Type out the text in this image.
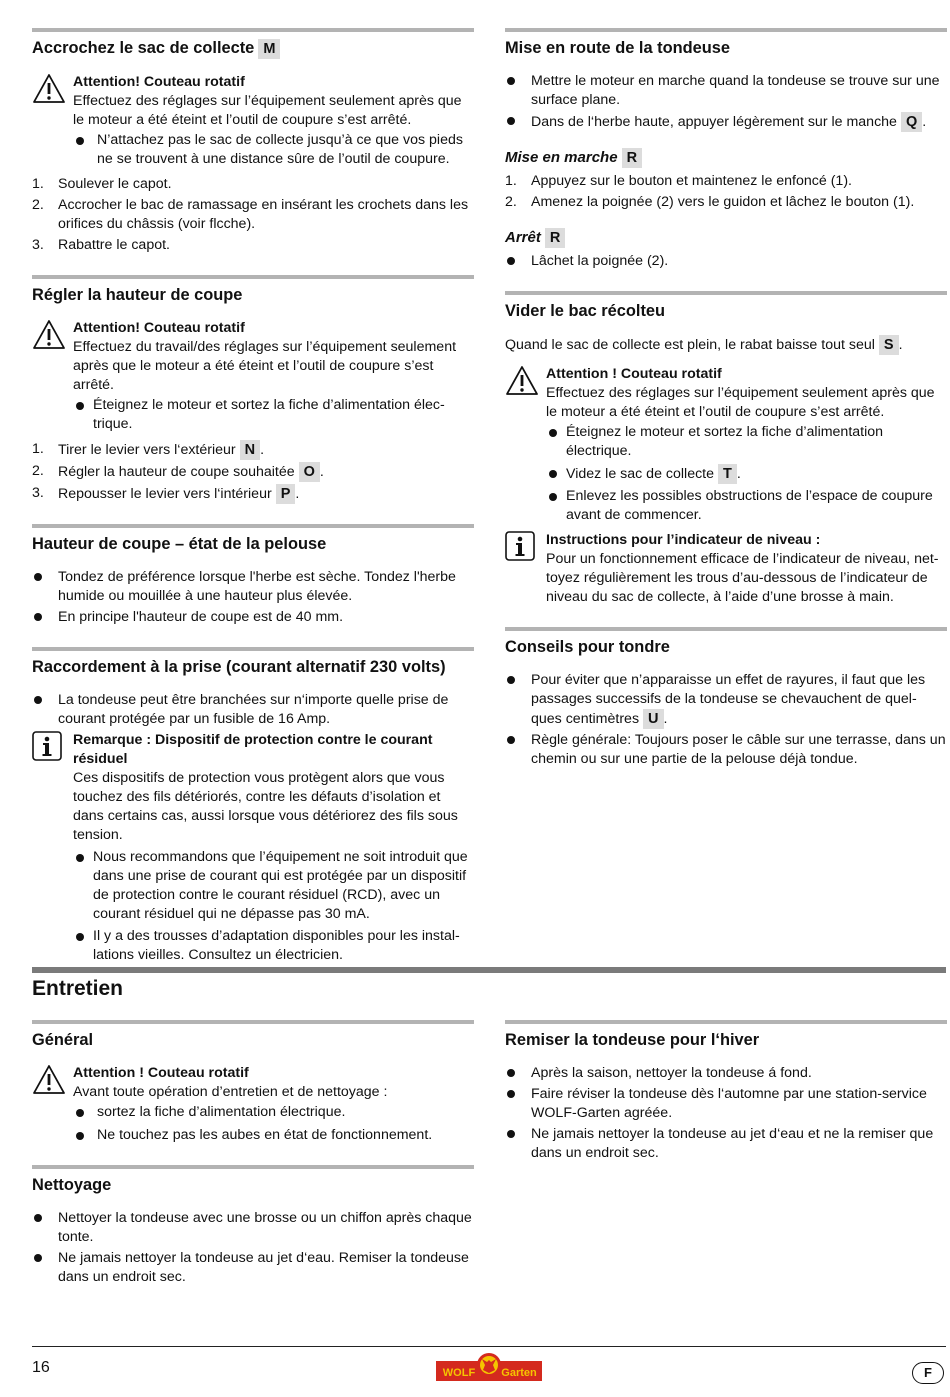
Accrochez le sac de collecte M
Attention! Couteau rotatif
Effectuez des réglages sur l’équipement seulement après que le moteur a été éteint et l’outil de coupure s’est arrêté.
N’attachez pas le sac de collecte jusqu’à ce que vos pieds ne se trouvent à une distance sûre de l’outil de coupure.
1. Soulever le capot.
2. Accrocher le bac de ramassage en insérant les crochets dans les orifices du châssis (voir flcche).
3. Rabattre le capot.
Régler la hauteur de coupe
Attention! Couteau rotatif
Effectuez du travail/des réglages sur l’équipement seulement après que le moteur a été éteint et l’outil de coupure s’est arrêté.
Éteignez le moteur et sortez la fiche d’alimentation élec-trique.
1. Tirer le levier vers l‘extérieur N .
2. Régler la hauteur de coupe souhaitée O .
3. Repousser le levier vers l‘intérieur P .
Hauteur de coupe – état de la pelouse
Tondez de préférence lorsque l'herbe est sèche. Tondez l'herbe humide ou mouillée à une hauteur plus élevée.
En principe l'hauteur de coupe est de 40 mm.
Raccordement à la prise (courant alternatif 230 volts)
La tondeuse peut être branchées sur n‘importe quelle prise de courant protégée par un fusible de 16 Amp.
Remarque : Dispositif de protection contre le courant résiduel
Ces dispositifs de protection vous protègent alors que vous touchez des fils détériorés, contre les défauts d’isolation et dans certains cas, aussi lorsque vous détériorez des fils sous tension.
Nous recommandons que l’équipement ne soit introduit que dans une prise de courant qui est protégée par un dispositif de protection contre le courant résiduel (RCD), avec un courant résiduel qui ne dépasse pas 30 mA.
Il y a des trousses d’adaptation disponibles pour les instal-lations vieilles. Consultez un électricien.
Mise en route de la tondeuse
Mettre le moteur en marche quand la tondeuse se trouve sur une surface plane.
Dans de l‘herbe haute, appuyer légèrement sur le manche Q .
Mise en marche R
1. Appuyez sur le bouton et maintenez le enfoncé (1).
2. Amenez la poignée (2) vers le guidon et lâchez le bouton (1).
Arrêt R
Lâchet la poignée (2).
Vider le bac récolteu

Quand le sac de collecte est plein, le rabat baisse tout seul S .

Attention ! Couteau rotatif
Effectuez des réglages sur l’équipement seulement après que le moteur a été éteint et l’outil de coupure s’est arrêté.
Éteignez le moteur et sortez la fiche d’alimentation électrique.
Videz le sac de collecte T .
Enlevez les possibles obstructions de l’espace de coupure avant de commencer.
Instructions pour l’indicateur de niveau :
Pour un fonctionnement efficace de l’indicateur de niveau, net-toyez régulièrement les trous d’au-dessous de l’indicateur de niveau du sac de collecte, à l’aide d’une brosse à main.
Conseils pour tondre
Pour éviter que n’apparaisse un effet de rayures, il faut que les passages successifs de la tondeuse se chevauchent de quel-ques centimètres U .
Règle générale: Toujours poser le câble sur une terrasse, dans un chemin ou sur une partie de la pelouse déjà tondue.
Entretien
Général
Attention ! Couteau rotatif
Avant toute opération d’entretien et de nettoyage :
sortez la fiche d’alimentation électrique.
Ne touchez pas les aubes en état de fonctionnement.
Nettoyage
Nettoyer la tondeuse avec une brosse ou un chiffon après chaque tonte.
Ne jamais nettoyer la tondeuse au jet d‘eau. Remiser la tondeuse dans un endroit sec.
Remiser la tondeuse pour l‘hiver
Après la saison, nettoyer la tondeuse á fond.
Faire réviser la tondeuse dès l‘automne par une station-service WOLF-Garten agréée.
Ne jamais nettoyer la tondeuse au jet d‘eau et ne la remiser que dans un endroit sec.
16	WOLF Garten	F
